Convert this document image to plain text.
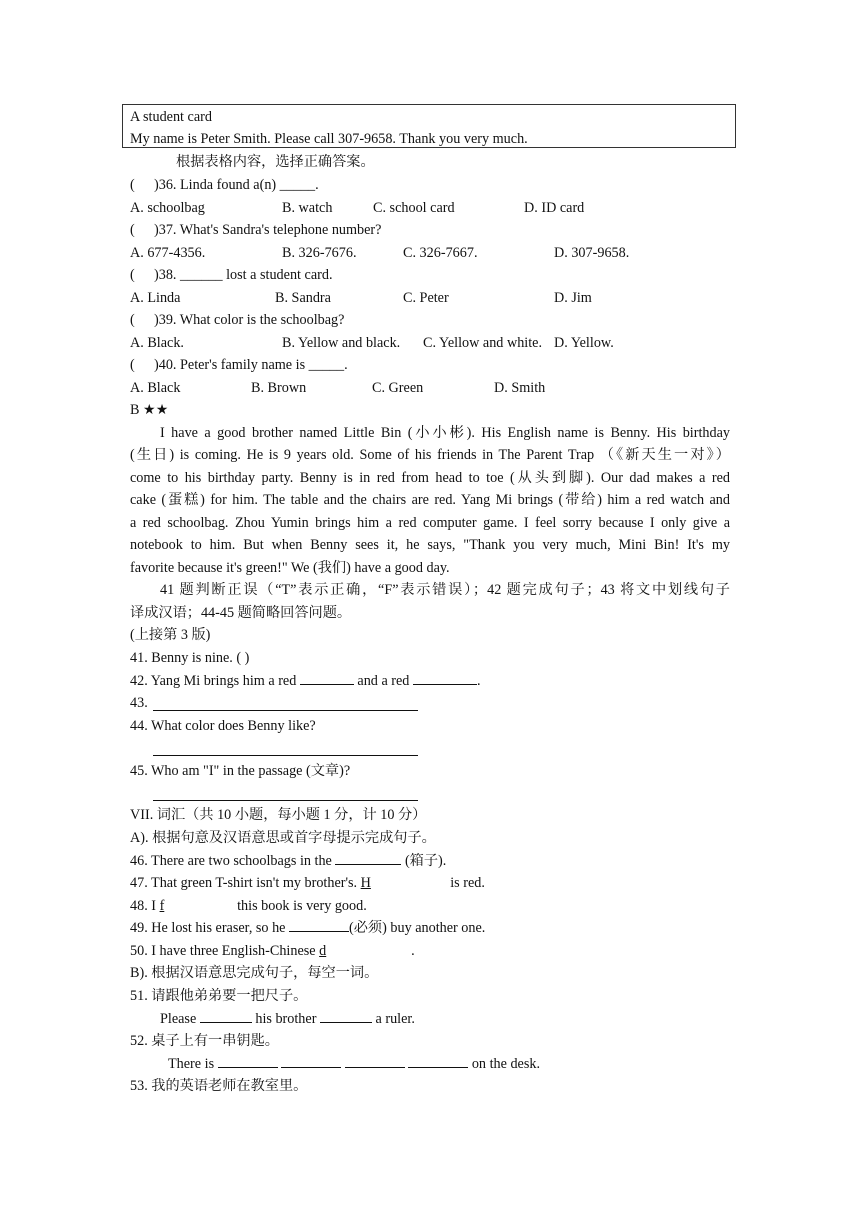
A student card
My name is Peter Smith. Please call 307-9658. Thank you very much.
根据表格内容，选择正确答案。
( )36. Linda found a(n) _____.
A. schoolbag	B. watch	C. school card	D. ID card
( )37. What's Sandra's telephone number?
A. 677-4356.	B. 326-7676.	C. 326-7667.	D. 307-9658.
( )38. ______ lost a student card.
A. Linda	B. Sandra	C. Peter	D. Jim
( )39. What color is the schoolbag?
A. Black.	B. Yellow and black. C. Yellow and white. D. Yellow.
( )40. Peter's family name is _____.
A. Black	B. Brown	C. Green	D. Smith
B ★★
I have a good brother named Little Bin (小小彬). His English name is Benny. His birthday
(生日) is coming. He is 9 years old. Some of his friends in The Parent Trap （《新天生一对》）
come to his birthday party. Benny is in red from head to toe (从头到脚). Our dad makes a red
cake (蛋糕) for him. The table and the chairs are red. Yang Mi brings (带给) him a red watch and
a red schoolbag. Zhou Yumin brings him a red computer game. I feel sorry because I only give a
notebook to him. But when Benny sees it, he says, "Thank you very much, Mini Bin! It's my
favorite because it's green!" We (我们) have a good day.
41 题判断正误（“T”表示正确，“F”表示错误）；42 题完成句子；43 将文中划线句子
译成汉语；44-45 题简略回答问题。
(上接第 3 版)
41. Benny is nine. ( )
42. Yang Mi brings him a red	and a red	.
43.
44. What color does Benny like?
45. Who am "I" in the passage (文章)?
VII. 词汇（共 10 小题，每小题 1 分，计 10 分）
A). 根据句意及汉语意思或首字母提示完成句子。
46. There are two schoolbags in the	(箱子).
47. That green T-shirt isn't my brother's. H	is red.
48. I f	this book is very good.
49. He lost his eraser, so he	(必须) buy another one.
50. I have three English-Chinese d	.
B). 根据汉语意思完成句子，每空一词。
51. 请跟他弟弟要一把尺子。
Please	his brother	a ruler.
52. 桌子上有一串钥匙。
There is	on the desk.
53. 我的英语老师在教室里。
